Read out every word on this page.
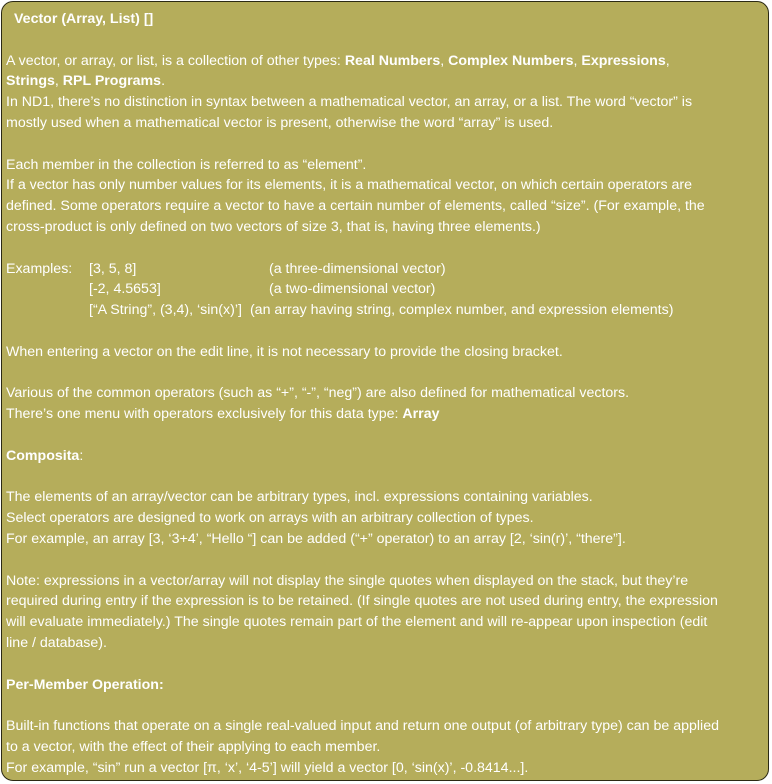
Vector (Array, List) []
A vector, or array, or list, is a collection of other types: Real Numbers, Complex Numbers, Expressions,
Strings, RPL Programs.
In ND1, there’s no distinction in syntax between a mathematical vector, an array, or a list. The word “vector” is
mostly used when a mathematical vector is present, otherwise the word “array” is used.
Each member in the collection is referred to as “element”.
If a vector has only number values for its elements, it is a mathematical vector, on which certain operators are
defined. Some operators require a vector to have a certain number of elements, called “size”. (For example, the
cross-product is only defined on two vectors of size 3, that is, having three elements.)
Examples:	[3, 5, 8]	(a three-dimensional vector)
[-2, 4.5653]	(a two-dimensional vector)
[“A String”, (3,4), ‘sin(x)’] (an array having string, complex number, and expression elements)
When entering a vector on the edit line, it is not necessary to provide the closing bracket.
Various of the common operators (such as “+”, “-”, “neg”) are also defined for mathematical vectors.
There’s one menu with operators exclusively for this data type: Array
Composita:
The elements of an array/vector can be arbitrary types, incl. expressions containing variables.
Select operators are designed to work on arrays with an arbitrary collection of types.
For example, an array [3, ‘3+4’, “Hello “] can be added (“+” operator) to an array [2, ‘sin(r)’, “there”].
Note: expressions in a vector/array will not display the single quotes when displayed on the stack, but they’re
required during entry if the expression is to be retained. (If single quotes are not used during entry, the expression
will evaluate immediately.) The single quotes remain part of the element and will re-appear upon inspection (edit
line / database).
Per-Member Operation:
Built-in functions that operate on a single real-valued input and return one output (of arbitrary type) can be applied
to a vector, with the effect of their applying to each member.
For example, “sin” run a vector [π, ‘x’, ‘4-5’] will yield a vector [0, ‘sin(x)’, -0.8414...].
